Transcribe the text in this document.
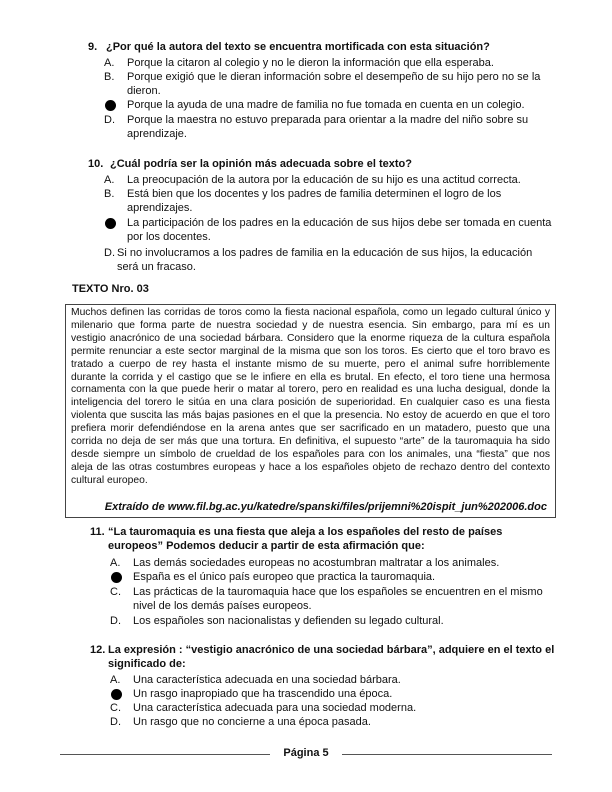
9. ¿Por qué la autora del texto se encuentra mortificada con esta situación?
A.	Porque la citaron al colegio y no le dieron la información que ella esperaba.
B.	Porque exigió que le dieran información sobre el desempeño de su hijo pero no se la dieron.
Porque la ayuda de una madre de familia no fue tomada en cuenta en un colegio.
D.	Porque la maestra no estuvo preparada para orientar a la madre del niño sobre su aprendizaje.
10. ¿Cuál podría ser la opinión más adecuada sobre el texto?
A.	La preocupación de la autora por la educación de su hijo es una actitud correcta.
B.	Está bien que los docentes y los padres de familia determinen el logro de los aprendizajes.
La participación de los padres en la educación de sus hijos debe ser tomada en cuenta por los docentes.
D. Si no involucramos a los padres de familia en la educación de sus hijos, la educación será un fracaso.
TEXTO Nro. 03

Muchos definen las corridas de toros como la fiesta nacional española, como un legado cultural único y milenario que forma parte de nuestra sociedad y de nuestra esencia. Sin embargo, para mí es un vestigio anacrónico de una sociedad bárbara. Considero que la enorme riqueza de la cultura española permite renunciar a este sector marginal de la misma que son los toros. Es cierto que el toro bravo es tratado a cuerpo de rey hasta el instante mismo de su muerte, pero el animal sufre horriblemente durante la corrida y el castigo que se le infiere en ella es brutal. En efecto, el toro tiene una hermosa cornamenta con la que puede herir o matar al torero, pero en realidad es una lucha desigual, donde la inteligencia del torero le sitúa en una clara posición de superioridad. En cualquier caso es una fiesta violenta que suscita las más bajas pasiones en el que la presencia. No estoy de acuerdo en que el toro prefiera morir defendiéndose en la arena antes que ser sacrificado en un matadero, puesto que una corrida no deja de ser más que una tortura. En definitiva, el supuesto “arte” de la tauromaquia ha sido desde siempre un símbolo de crueldad de los españoles para con los animales, una “fiesta” que nos aleja de las otras costumbres europeas y hace a los españoles objeto de rechazo dentro del contexto cultural europeo.

Extraído de www.fil.bg.ac.yu/katedre/spanski/files/prijemni%20ispit_jun%202006.doc
11. “La tauromaquia es una fiesta que aleja a los españoles del resto de países europeos” Podemos deducir a partir de esta afirmación que:
A.	Las demás sociedades europeas no acostumbran maltratar a los animales.
España es el único país europeo que practica la tauromaquia.
C.	Las prácticas de la tauromaquia hace que los españoles se encuentren en el mismo nivel de los demás países europeos.
D.	Los españoles son nacionalistas y defienden su legado cultural.
12. La expresión : “vestigio anacrónico de una sociedad bárbara”, adquiere en el texto el significado de:
A.	Una característica adecuada en una sociedad bárbara.
Un rasgo inapropiado que ha trascendido una época.
C.	Una característica adecuada para una sociedad moderna.
D.	Un rasgo que no concierne a una época pasada.
Página 5
